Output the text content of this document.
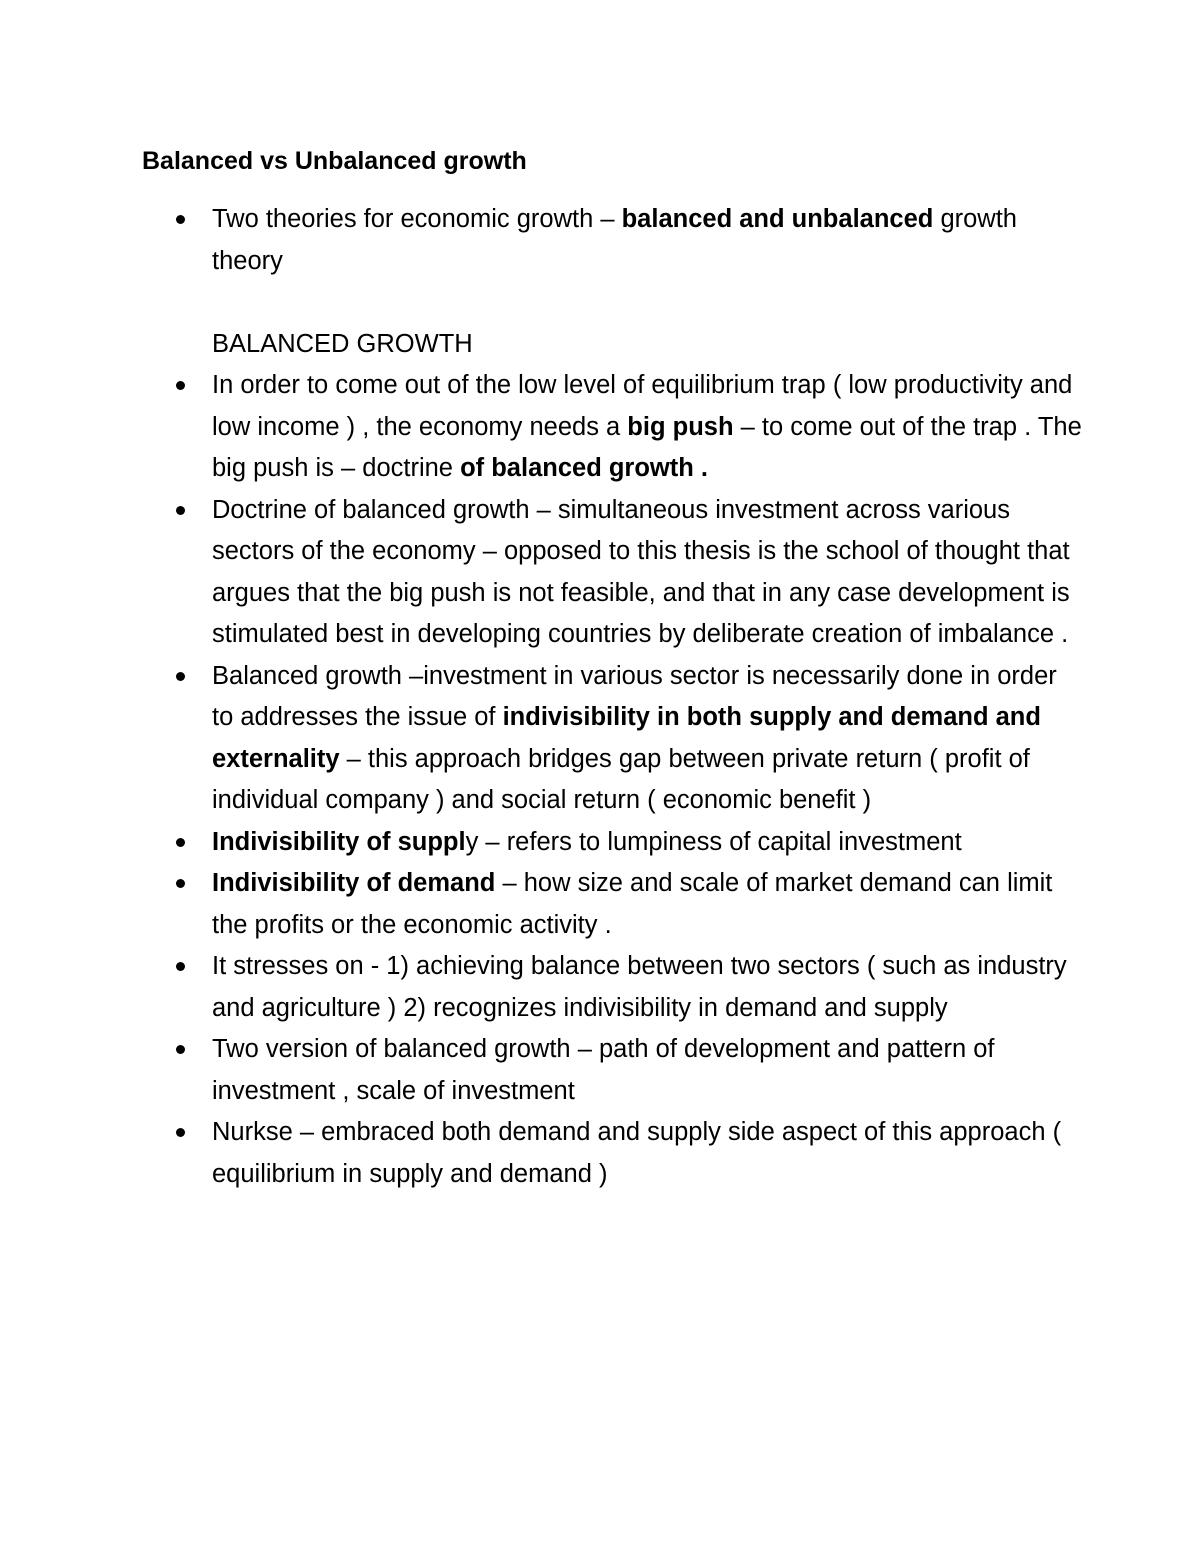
Balanced vs Unbalanced growth
Two theories for economic growth – balanced and unbalanced growth theory
BALANCED GROWTH
In order to come out of the low level of equilibrium trap ( low productivity and low income ) , the economy needs a big push – to come out of the trap . The big push is – doctrine of balanced growth .
Doctrine of balanced growth – simultaneous investment across various sectors of the economy – opposed to this thesis is the school of thought that argues that the big push is not feasible, and that in any case development is stimulated best in developing countries by deliberate creation of imbalance .
Balanced growth –investment in various sector is necessarily done in order to addresses the issue of indivisibility in both supply and demand and externality – this approach bridges gap between private return ( profit of individual company ) and social return ( economic benefit )
Indivisibility of supply – refers to lumpiness of capital investment
Indivisibility of demand – how size and scale of market demand can limit the profits or the economic activity .
It stresses on - 1) achieving balance between two sectors ( such as industry and agriculture ) 2) recognizes indivisibility in demand and supply
Two version of balanced growth – path of development and pattern of investment , scale of investment
Nurkse – embraced both demand and supply side aspect of this approach ( equilibrium in supply and demand )
